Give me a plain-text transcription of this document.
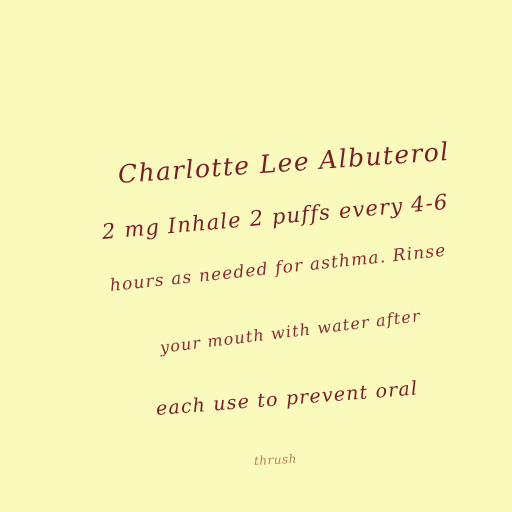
Charlotte Lee Albuterol
2 mg Inhale 2 puffs every 4-6
hours as needed for asthma. Rinse
your mouth with water after
each use to prevent oral
thrush
